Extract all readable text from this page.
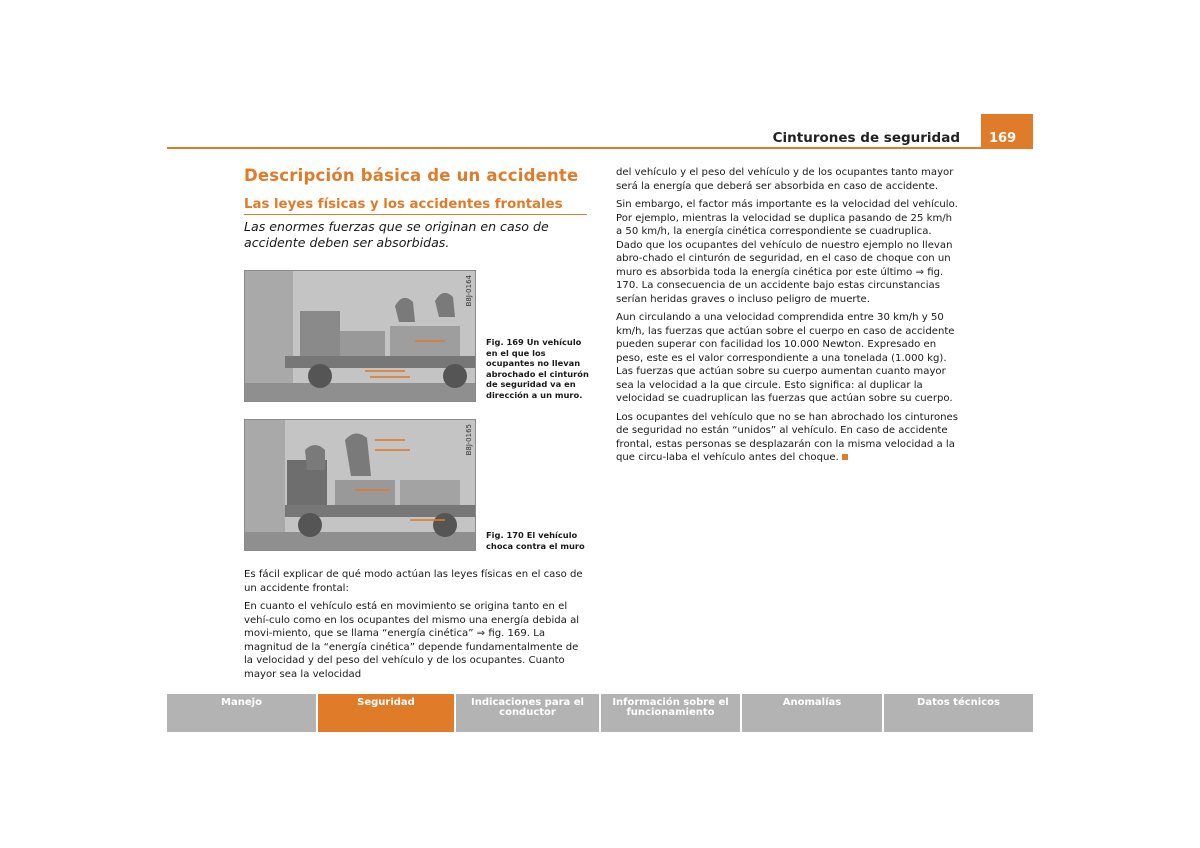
Cinturones de seguridad	169
Descripción básica de un accidente
Las leyes físicas y los accidentes frontales

Las enormes fuerzas que se originan en caso de accidente deben ser absorbidas.

B8J-0164
Fig. 169 Un vehículo en el que los ocupantes no llevan abrochado el cinturón de seguridad va en dirección a un muro.
B8J-0165
Fig. 170 El vehículo choca contra el muro

Es fácil explicar de qué modo actúan las leyes físicas en el caso de un accidente frontal:

En cuanto el vehículo está en movimiento se origina tanto en el vehí-culo como en los ocupantes del mismo una energía debida al movi-miento, que se llama “energía cinética” ⇒ fig. 169. La magnitud de la “energía cinética” depende fundamentalmente de la velocidad y del peso del vehículo y de los ocupantes. Cuanto mayor sea la velocidad

del vehículo y el peso del vehículo y de los ocupantes tanto mayor será la energía que deberá ser absorbida en caso de accidente.

Sin embargo, el factor más importante es la velocidad del vehículo. Por ejemplo, mientras la velocidad se duplica pasando de 25 km/h a 50 km/h, la energía cinética correspondiente se cuadruplica. Dado que los ocupantes del vehículo de nuestro ejemplo no llevan abro-chado el cinturón de seguridad, en el caso de choque con un muro es absorbida toda la energía cinética por este último ⇒ fig. 170. La consecuencia de un accidente bajo estas circunstancias serían heridas graves o incluso peligro de muerte.

Aun circulando a una velocidad comprendida entre 30 km/h y 50 km/h, las fuerzas que actúan sobre el cuerpo en caso de accidente pueden superar con facilidad los 10.000 Newton. Expresado en peso, este es el valor correspondiente a una tonelada (1.000 kg). Las fuerzas que actúan sobre su cuerpo aumentan cuanto mayor sea la velocidad a la que circule. Esto significa: al duplicar la velocidad se cuadruplican las fuerzas que actúan sobre su cuerpo.

Los ocupantes del vehículo que no se han abrochado los cinturones de seguridad no están “unidos” al vehículo. En caso de accidente frontal, estas personas se desplazarán con la misma velocidad a la que circu-laba el vehículo antes del choque.

Manejo	Seguridad	Indicaciones para el conductor
Información sobre el funcionamiento
Anomalías	Datos técnicos
